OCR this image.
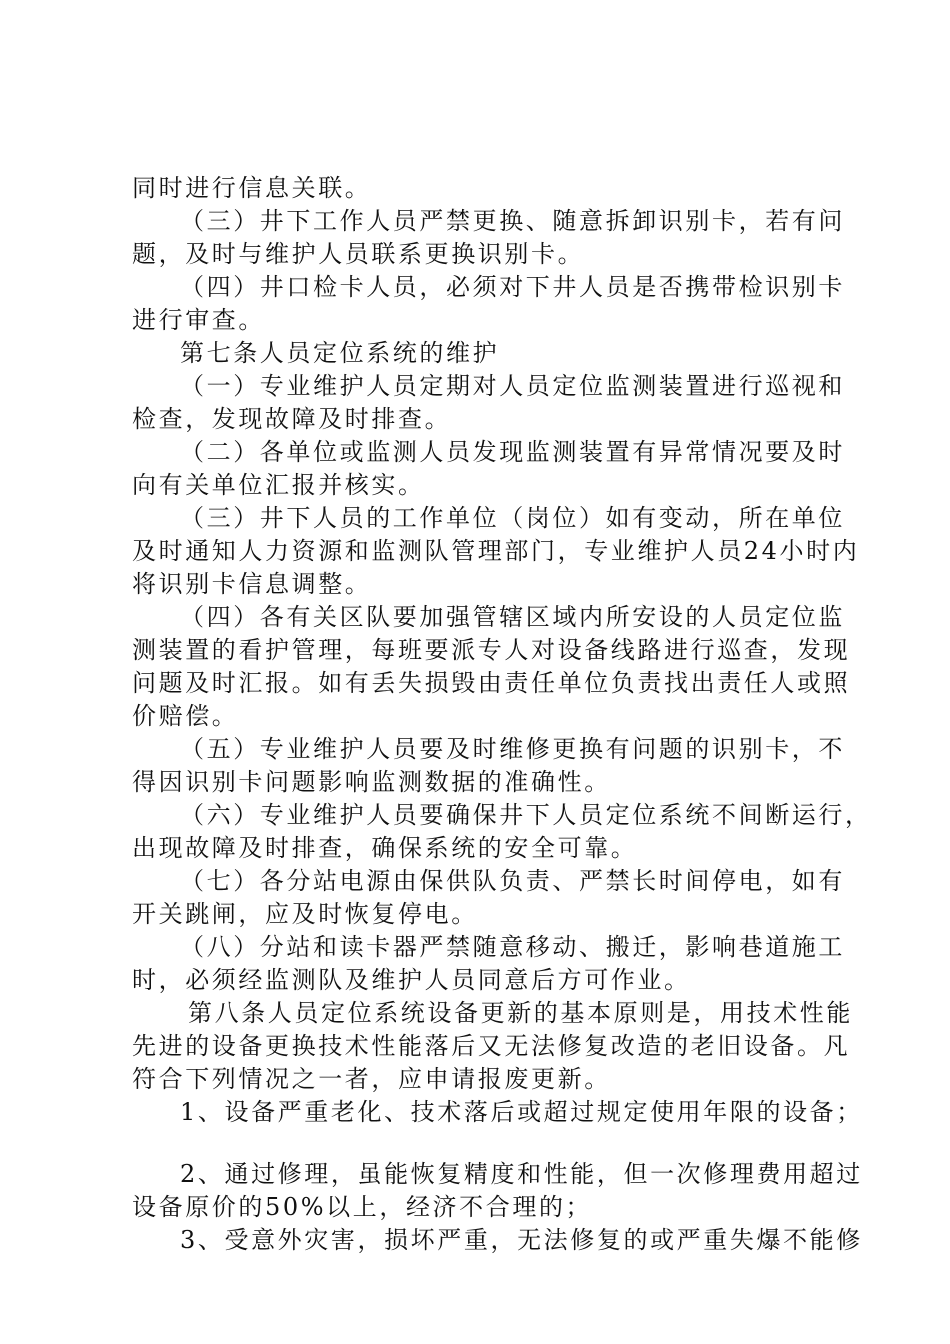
同时进行信息关联。
（三）井下工作人员严禁更换、随意拆卸识别卡，若有问
题，及时与维护人员联系更换识别卡。
（四）井口检卡人员，必须对下井人员是否携带检识别卡
进行审查。
第七条人员定位系统的维护
（一）专业维护人员定期对人员定位监测装置进行巡视和
检查，发现故障及时排查。
（二）各单位或监测人员发现监测装置有异常情况要及时
向有关单位汇报并核实。
（三）井下人员的工作单位（岗位）如有变动，所在单位
及时通知人力资源和监测队管理部门，专业维护人员24小时内
将识别卡信息调整。
（四）各有关区队要加强管辖区域内所安设的人员定位监
测装置的看护管理，每班要派专人对设备线路进行巡查，发现
问题及时汇报。如有丢失损毁由责任单位负责找出责任人或照
价赔偿。
（五）专业维护人员要及时维修更换有问题的识别卡，不
得因识别卡问题影响监测数据的准确性。
（六）专业维护人员要确保井下人员定位系统不间断运行，
出现故障及时排查，确保系统的安全可靠。
（七）各分站电源由保供队负责、严禁长时间停电，如有
开关跳闸，应及时恢复停电。
（八）分站和读卡器严禁随意移动、搬迁，影响巷道施工
时，必须经监测队及维护人员同意后方可作业。
第八条人员定位系统设备更新的基本原则是，用技术性能
先进的设备更换技术性能落后又无法修复改造的老旧设备。凡
符合下列情况之一者，应申请报废更新。
1、设备严重老化、技术落后或超过规定使用年限的设备；
2、通过修理，虽能恢复精度和性能，但一次修理费用超过
设备原价的50%以上，经济不合理的；
3、受意外灾害，损坏严重，无法修复的或严重失爆不能修
